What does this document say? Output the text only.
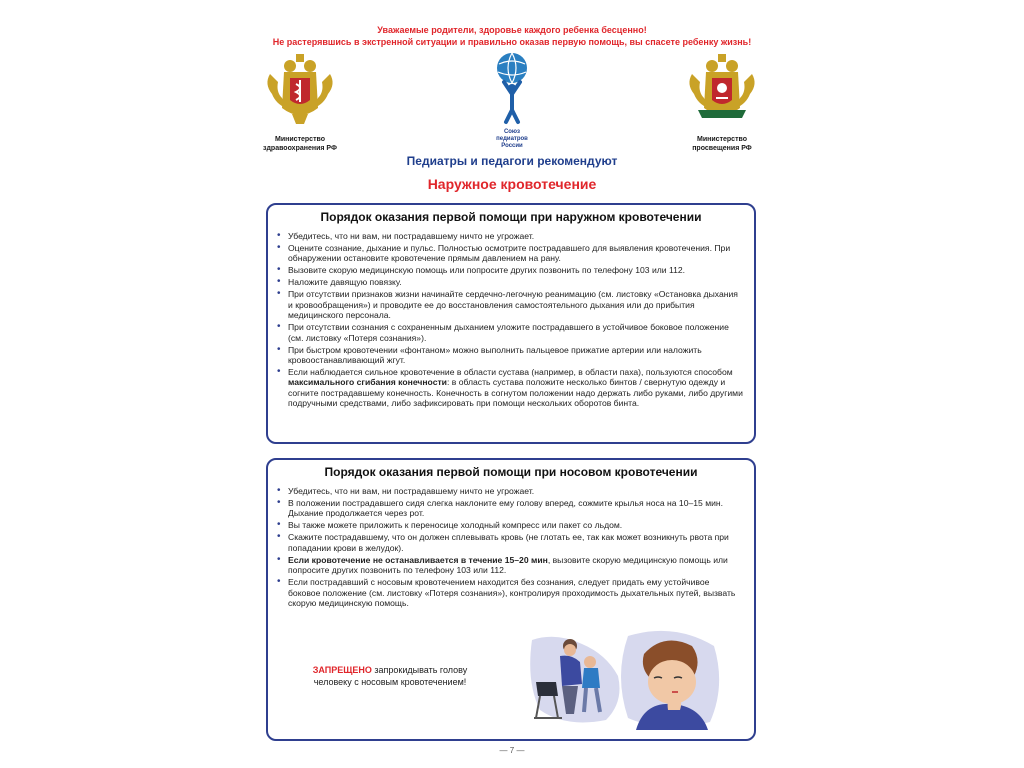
Уважаемые родители, здоровье каждого ребенка бесценно!
Не растерявшись в экстренной ситуации и правильно оказав первую помощь, вы спасете ребенку жизнь!
Министерство
здравоохранения РФ
Союз
педиатров
России
Министерство
просвещения РФ
Педиатры и педагоги рекомендуют
Наружное кровотечение
Порядок оказания первой помощи при наружном кровотечении
• Убедитесь, что ни вам, ни пострадавшему ничто не угрожает.
• Оцените сознание, дыхание и пульс. Полностью осмотрите пострадавшего для выявления кровотечения. При обнаружении остановите кровотечение прямым давлением на рану.
• Вызовите скорую медицинскую помощь или попросите других позвонить по телефону 103 или 112.
• Наложите давящую повязку.
• При отсутствии признаков жизни начинайте сердечно-легочную реанимацию (см. листовку «Остановка дыхания и кровообращения») и проводите ее до восстановления самостоятельного дыхания или до прибытия медицинского персонала.
• При отсутствии сознания с сохраненным дыханием уложите пострадавшего в устойчивое боковое положение (см. листовку «Потеря сознания»).
• При быстром кровотечении «фонтаном» можно выполнить пальцевое прижатие артерии или наложить кровоостанавливающий жгут.
• Если наблюдается сильное кровотечение в области сустава (например, в области паха), пользуются способом максимального сгибания конечности: в область сустава положите несколько бинтов / свернутую одежду и согните пострадавшему конечность. Конечность в согнутом положении надо держать либо руками, либо другими подручными средствами, либо зафиксировать при помощи нескольких оборотов бинта.
Порядок оказания первой помощи при носовом кровотечении
• Убедитесь, что ни вам, ни пострадавшему ничто не угрожает.
• В положении пострадавшего сидя слегка наклоните ему голову вперед, сожмите крылья носа на 10–15 мин. Дыхание продолжается через рот.
• Вы также можете приложить к переносице холодный компресс или пакет со льдом.
• Скажите пострадавшему, что он должен сплевывать кровь (не глотать ее, так как может возникнуть рвота при попадании крови в желудок).
• Если кровотечение не останавливается в течение 15–20 мин, вызовите скорую медицинскую помощь или попросите других позвонить по телефону 103 или 112.
• Если пострадавший с носовым кровотечением находится без сознания, следует придать ему устойчивое боковое положение (см. листовку «Потеря сознания»), контролируя проходимость дыхательных путей, вызвать скорую медицинскую помощь.
ЗАПРЕЩЕНО запрокидывать голову
человеку с носовым кровотечением!
— 7 —
